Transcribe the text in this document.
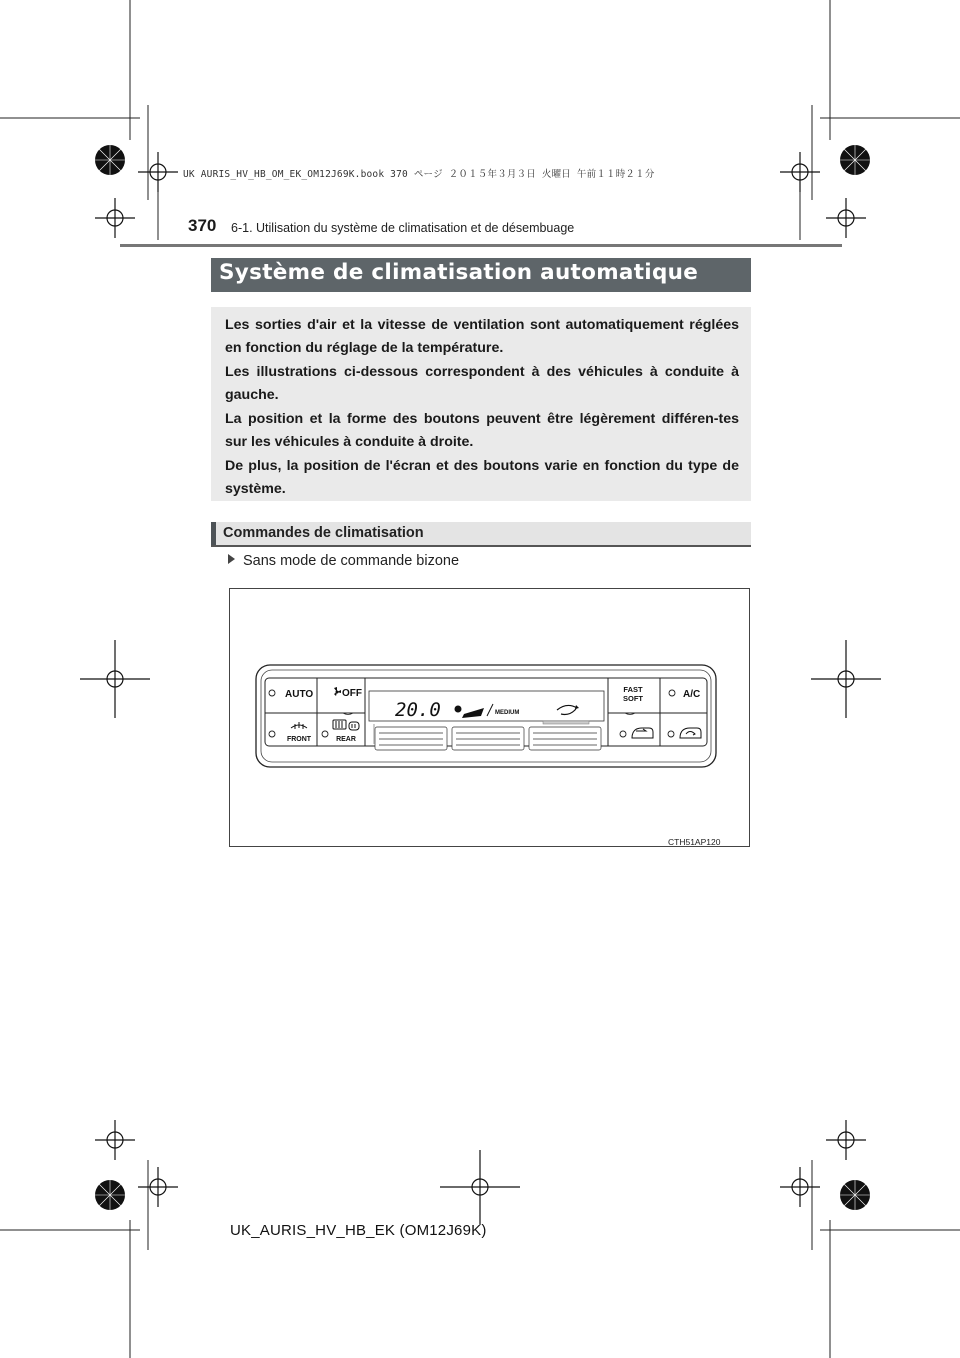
UK AURIS_HV_HB_OM_EK_OM12J69K.book 370 ページ ２０１５年３月３日 火曜日 午前１１時２１分
370 6-1. Utilisation du système de climatisation et de désembuage
Système de climatisation automatique

Les sorties d'air et la vitesse de ventilation sont automatiquement réglées en fonction du réglage de la température.

Les illustrations ci-dessous correspondent à des véhicules à conduite à gauche.

La position et la forme des boutons peuvent être légèrement différen-tes sur les véhicules à conduite à droite.

De plus, la position de l'écran et des boutons varie en fonction du type de système.

Commandes de climatisation
Sans mode de commande bizone
AUTO	OFF
20.0	MEDIUM
FAST
SOFT	A/C
FRONT	REAR
CTH51AP120
UK_AURIS_HV_HB_EK (OM12J69K)
